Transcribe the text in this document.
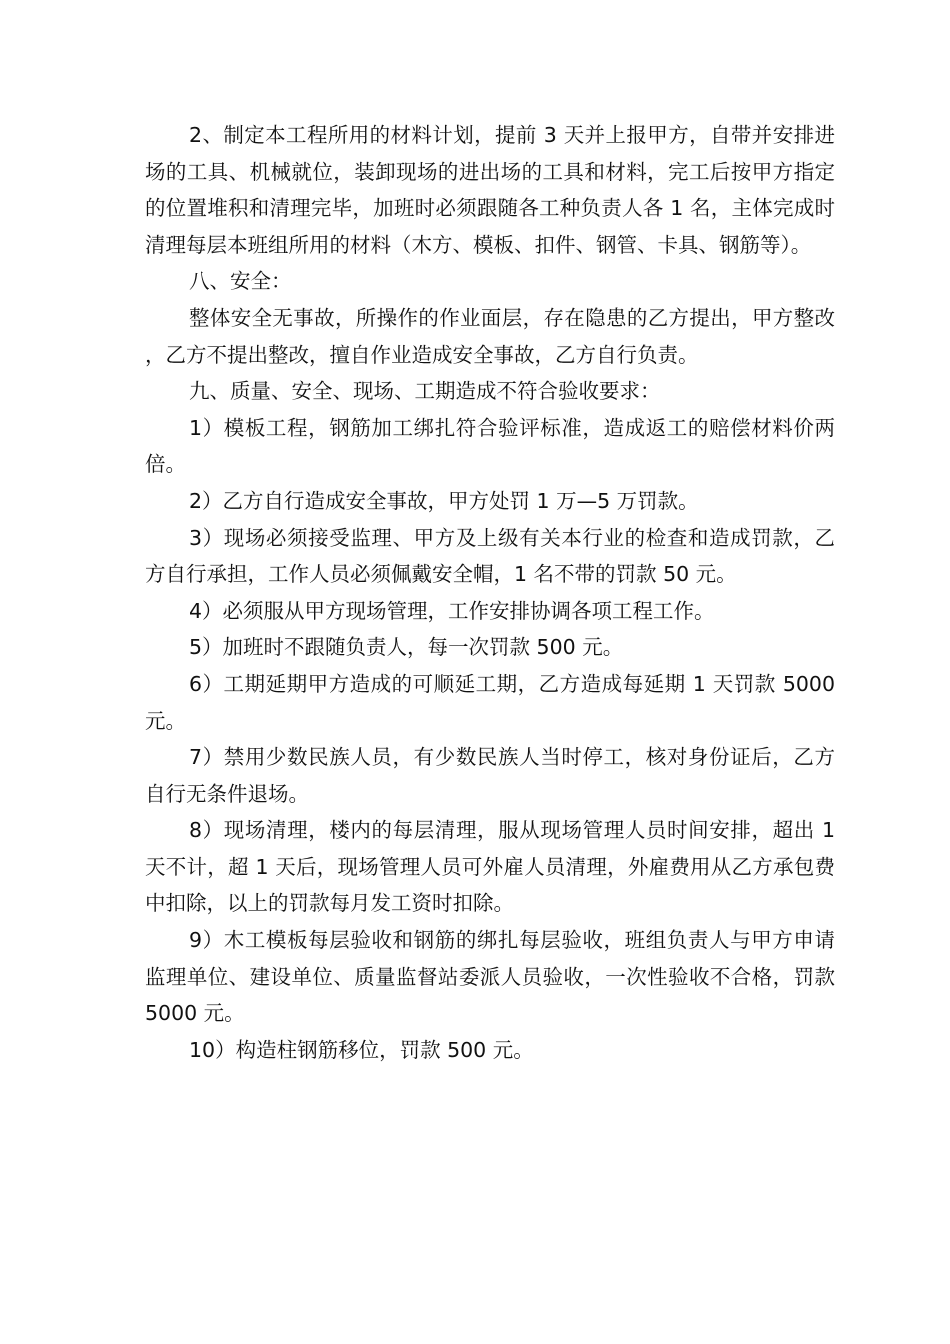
2、制定本工程所用的材料计划，提前 3 天并上报甲方，自带并安排进场的工具、机械就位，装卸现场的进出场的工具和材料，完工后按甲方指定的位置堆积和清理完毕，加班时必须跟随各工种负责人各 1 名，主体完成时清理每层本班组所用的材料（木方、模板、扣件、钢管、卡具、钢筋等）。

八、安全：

整体安全无事故，所操作的作业面层，存在隐患的乙方提出，甲方整改，乙方不提出整改，擅自作业造成安全事故，乙方自行负责。

九、质量、安全、现场、工期造成不符合验收要求：

1）模板工程，钢筋加工绑扎符合验评标准，造成返工的赔偿材料价两倍。

2）乙方自行造成安全事故，甲方处罚 1 万—5 万罚款。

3）现场必须接受监理、甲方及上级有关本行业的检查和造成罚款，乙方自行承担，工作人员必须佩戴安全帽，1 名不带的罚款 50 元。

4）必须服从甲方现场管理，工作安排协调各项工程工作。

5）加班时不跟随负责人，每一次罚款 500 元。

6）工期延期甲方造成的可顺延工期，乙方造成每延期 1 天罚款 5000 元。

7）禁用少数民族人员，有少数民族人当时停工，核对身份证后，乙方自行无条件退场。

8）现场清理，楼内的每层清理，服从现场管理人员时间安排，超出 1 天不计，超 1 天后，现场管理人员可外雇人员清理，外雇费用从乙方承包费中扣除，以上的罚款每月发工资时扣除。

9）木工模板每层验收和钢筋的绑扎每层验收，班组负责人与甲方申请监理单位、建设单位、质量监督站委派人员验收，一次性验收不合格，罚款 5000 元。

10）构造柱钢筋移位，罚款 500 元。
